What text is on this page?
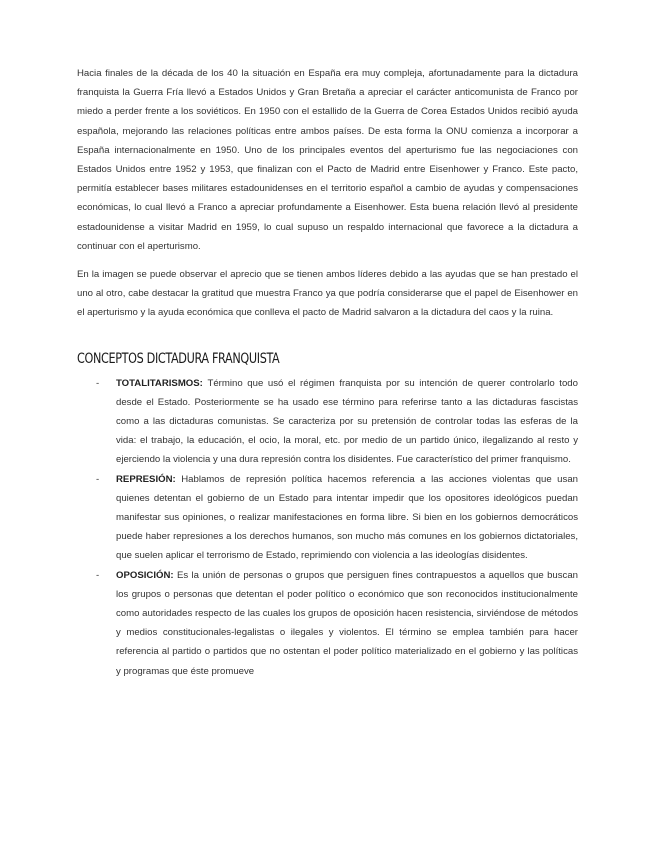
Hacia finales de la década de los 40 la situación en España era muy compleja, afortunadamente para la dictadura franquista la Guerra Fría llevó a Estados Unidos y Gran Bretaña a apreciar el carácter anticomunista de Franco por miedo a perder frente a los soviéticos. En 1950 con el estallido de la Guerra de Corea Estados Unidos recibió ayuda española, mejorando las relaciones políticas entre ambos países. De esta forma la ONU comienza a incorporar a España internacionalmente en 1950. Uno de los principales eventos del aperturismo fue las negociaciones con Estados Unidos entre 1952 y 1953, que finalizan con el Pacto de Madrid entre Eisenhower y Franco. Este pacto, permitía establecer bases militares estadounidenses en el territorio español a cambio de ayudas y compensaciones económicas, lo cual llevó a Franco a apreciar profundamente a Eisenhower. Esta buena relación llevó al presidente estadounidense a visitar Madrid en 1959, lo cual supuso un respaldo internacional que favorece a la dictadura a continuar con el aperturismo.

En la imagen se puede observar el aprecio que se tienen ambos líderes debido a las ayudas que se han prestado el uno al otro, cabe destacar la gratitud que muestra Franco ya que podría considerarse que el papel de Eisenhower en el aperturismo y la ayuda económica que conlleva el pacto de Madrid salvaron a la dictadura del caos y la ruina.

CONCEPTOS DICTADURA FRANQUISTA
- TOTALITARISMOS: Término que usó el régimen franquista por su intención de querer controlarlo todo desde el Estado. Posteriormente se ha usado ese término para referirse tanto a las dictaduras fascistas como a las dictaduras comunistas. Se caracteriza por su pretensión de controlar todas las esferas de la vida: el trabajo, la educación, el ocio, la moral, etc. por medio de un partido único, ilegalizando al resto y ejerciendo la violencia y una dura represión contra los disidentes. Fue característico del primer franquismo.
- REPRESIÓN: Hablamos de represión política hacemos referencia a las acciones violentas que usan quienes detentan el gobierno de un Estado para intentar impedir que los opositores ideológicos puedan manifestar sus opiniones, o realizar manifestaciones en forma libre. Si bien en los gobiernos democráticos puede haber represiones a los derechos humanos, son mucho más comunes en los gobiernos dictatoriales, que suelen aplicar el terrorismo de Estado, reprimiendo con violencia a las ideologías disidentes.
- OPOSICIÓN: Es la unión de personas o grupos que persiguen fines contrapuestos a aquellos que buscan los grupos o personas que detentan el poder político o económico que son reconocidos institucionalmente como autoridades respecto de las cuales los grupos de oposición hacen resistencia, sirviéndose de métodos y medios constitucionales-legalistas o ilegales y violentos. El término se emplea también para hacer referencia al partido o partidos que no ostentan el poder político materializado en el gobierno y las políticas y programas que éste promueve
